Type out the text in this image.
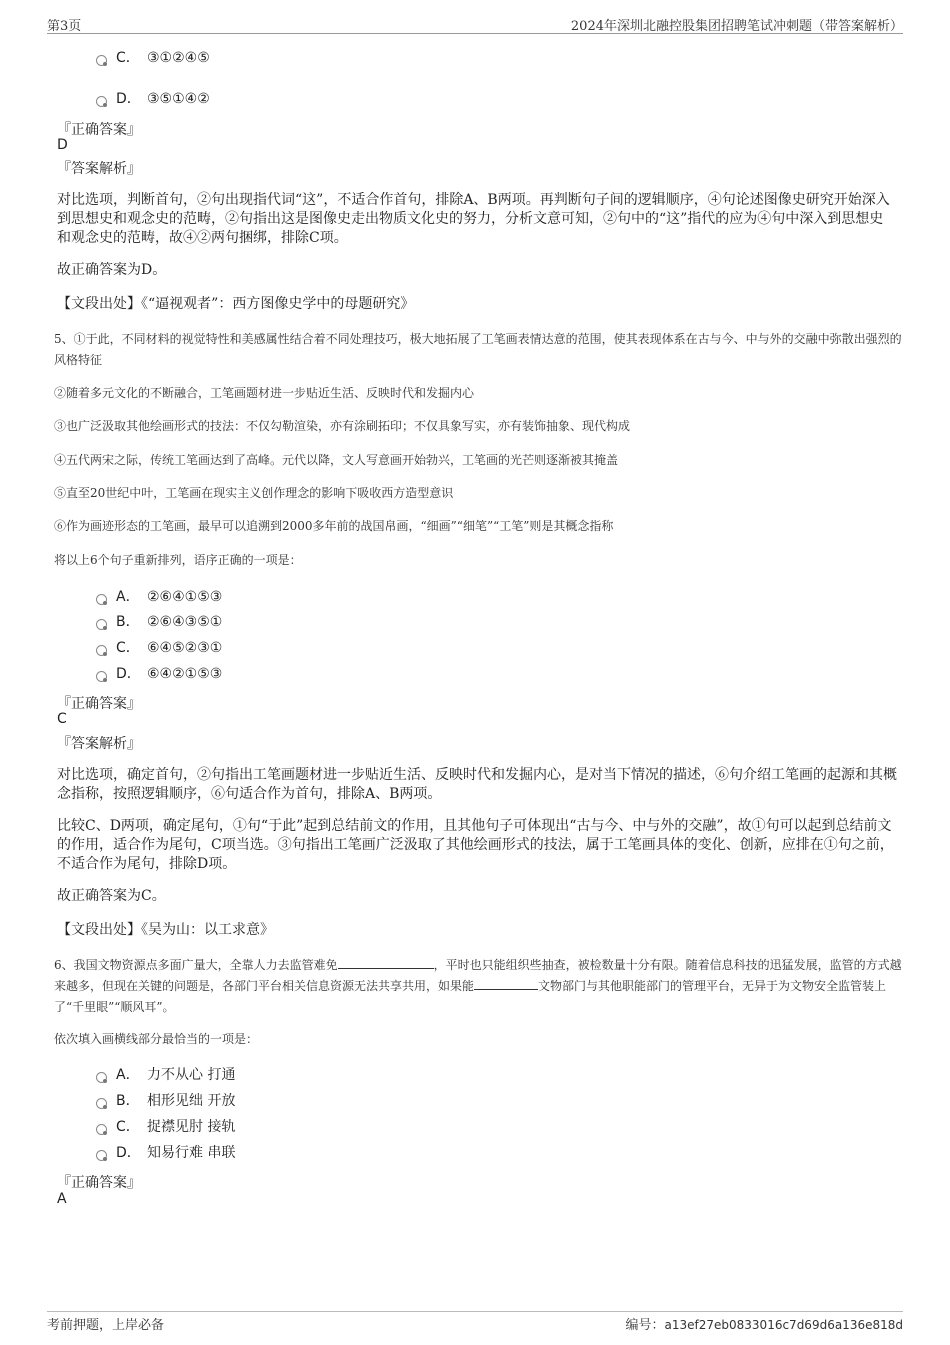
第3页	2024年深圳北融控股集团招聘笔试冲刺题（带答案解析）
C． ③①②④⑤
D． ③⑤①④②
『正确答案』
D
『答案解析』
对比选项，判断首句，②句出现指代词“这”，不适合作首句，排除A、B两项。再判断句子间的逻辑顺序，④句论述图像史研究开始深入到思想史和观念史的范畴，②句指出这是图像史走出物质文化史的努力，分析文意可知，②句中的“这”指代的应为④句中深入到思想史和观念史的范畴，故④②两句捆绑，排除C项。
故正确答案为D。
【文段出处】《“逼视观者”：西方图像史学中的母题研究》
5、①于此，不同材料的视觉特性和美感属性结合着不同处理技巧，极大地拓展了工笔画表情达意的范围，使其表现体系在古与今、中与外的交融中弥散出强烈的风格特征
②随着多元文化的不断融合，工笔画题材进一步贴近生活、反映时代和发掘内心
③也广泛汲取其他绘画形式的技法：不仅勾勒渲染，亦有涂刷拓印；不仅具象写实，亦有装饰抽象、现代构成
④五代两宋之际，传统工笔画达到了高峰。元代以降，文人写意画开始勃兴，工笔画的光芒则逐渐被其掩盖
⑤直至20世纪中叶，工笔画在现实主义创作理念的影响下吸收西方造型意识
⑥作为画迹形态的工笔画，最早可以追溯到2000多年前的战国帛画，“细画”“细笔”“工笔”则是其概念指称
将以上6个句子重新排列，语序正确的一项是：
A． ②⑥④①⑤③
B． ②⑥④③⑤①
C． ⑥④⑤②③①
D． ⑥④②①⑤③
『正确答案』
C
『答案解析』
对比选项，确定首句，②句指出工笔画题材进一步贴近生活、反映时代和发掘内心，是对当下情况的描述，⑥句介绍工笔画的起源和其概念指称，按照逻辑顺序，⑥句适合作为首句，排除A、B两项。
比较C、D两项，确定尾句，①句“于此”起到总结前文的作用，且其他句子可体现出“古与今、中与外的交融”，故①句可以起到总结前文的作用，适合作为尾句，C项当选。③句指出工笔画广泛汲取了其他绘画形式的技法，属于工笔画具体的变化、创新，应排在①句之前，不适合作为尾句，排除D项。
故正确答案为C。
【文段出处】《吴为山：以工求意》
6、我国文物资源点多面广量大，全靠人力去监管难免	，平时也只能组织些抽查，被检数量十分有限。随着信息科技的迅猛发展，监管的方式越来越多，但现在关键的问题是，各部门平台相关信息资源无法共享共用，如果能	文物部门与其他职能部门的管理平台，无异于为文物安全监管装上了“千里眼”“顺风耳”。
依次填入画横线部分最恰当的一项是：
A． 力不从心 打通
B． 相形见绌 开放
C． 捉襟见肘 接轨
D． 知易行难 串联
『正确答案』
A
考前押题，上岸必备	编号：a13ef27eb0833016c7d69d6a136e818d
